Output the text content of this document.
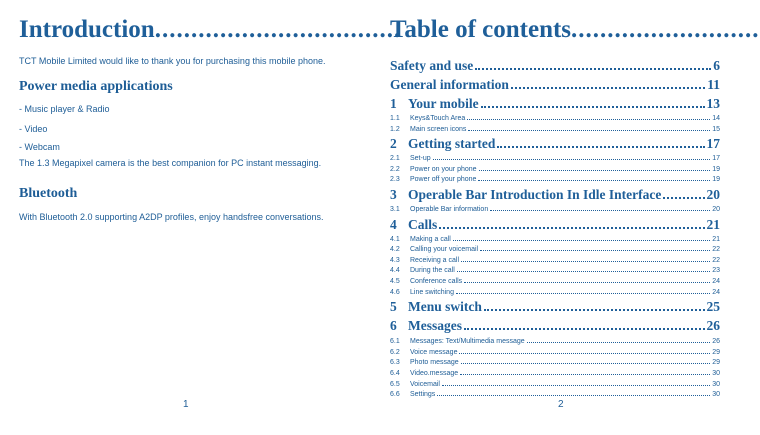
Introduction..................................
TCT Mobile Limited would like to thank you for purchasing this mobile phone.
Power media applications
- Music player & Radio
- Video
- Webcam
The 1.3 Megapixel camera is the best companion for PC instant messaging.
Bluetooth
With Bluetooth 2.0 supporting A2DP profiles, enjoy handsfree conversations.
1
Table of contents..........................
Safety and use	6
General information	11
1 Your mobile	13
1.1	Keys&Touch Area	14
1.2	Main screen icons	15
2 Getting started	17
2.1	Set-up	17
2.2	Power on your phone	19
2.3	Power off your phone	19
3 Operable Bar Introduction In Idle Interface	20
3.1	Operable Bar information	20
4 Calls	21
4.1	Making a call	21
4.2	Calling your voicemail	22
4.3	Receiving a call	22
4.4	During the call	23
4.5	Conference calls	24
4.6	Line switching	24
5 Menu switch	25
6 Messages	26
6.1	Messages: Text/Multimedia message	26
6.2	Voice message	29
6.3	Photo message	29
6.4	Video.message	30
6.5	Voicemail	30
6.6	Settings	30
2
